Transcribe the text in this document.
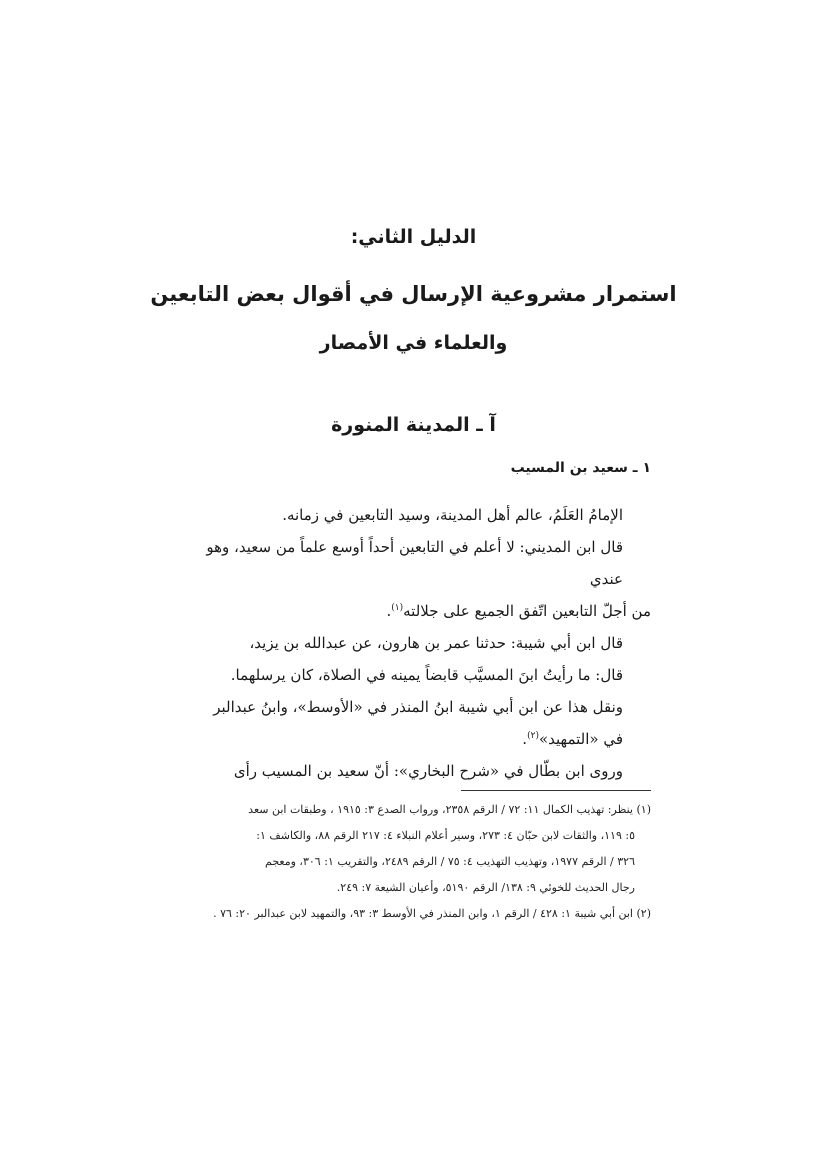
الدليل الثاني:
استمرار مشروعية الإرسال في أقوال بعض التابعين
والعلماء في الأمصار
آ ـ المدينة المنورة
١ ـ سعيد بن المسيب

الإمامُ العَلَمُ، عالم أهل المدينة، وسيد التابعين في زمانه.

قال ابن المديني: لا أعلم في التابعين أحداً أوسع علماً من سعيد، وهو عندي

من أجلّ التابعين اتّفق الجميع على جلالته$^{(١)}$.

قال ابن أبي شيبة: حدثنا عمر بن هارون، عن عبدالله بن يزيد،

قال: ما رأيتُ ابنَ المسيَّب قابضاً يمينه في الصلاة، كان يرسلهما.

ونقل هذا عن ابن أبي شيبة ابنُ المنذر في «الأوسط»، وابنُ عبدالبر

في «التمهيد»$^{(٢)}$.

وروى ابن بطّال في «شرح البخاري»: أنّ سعيد بن المسيب رأى

(١) ينظر: تهذيب الكمال ١١: ٧٢ / الرقم ٢٣٥٨، ورواب الصدع ٣: ١٩١٥ ، وطبقات ابن سعد

٥: ١١٩، والثقات لابن حبّان ٤: ٢٧٣، وسير أعلام النبلاء ٤: ٢١٧ الرقم ٨٨، والكاشف ١:

٣٢٦ / الرقم ١٩٧٧، وتهذيب التهذيب ٤: ٧٥ / الرقم ٢٤٨٩، والتقريب ١: ٣٠٦، ومعجم

رجال الحديث للخوئي ٩: ١٣٨/ الرقم ٥١٩٠، وأعيان الشيعة ٧: ٢٤٩.

(٢) ابن أبي شيبة ١: ٤٢٨ / الرقم ١، وابن المنذر في الأوسط ٣: ٩٣، والتمهيد لابن عبدالبر ٢٠: ٧٦ .
